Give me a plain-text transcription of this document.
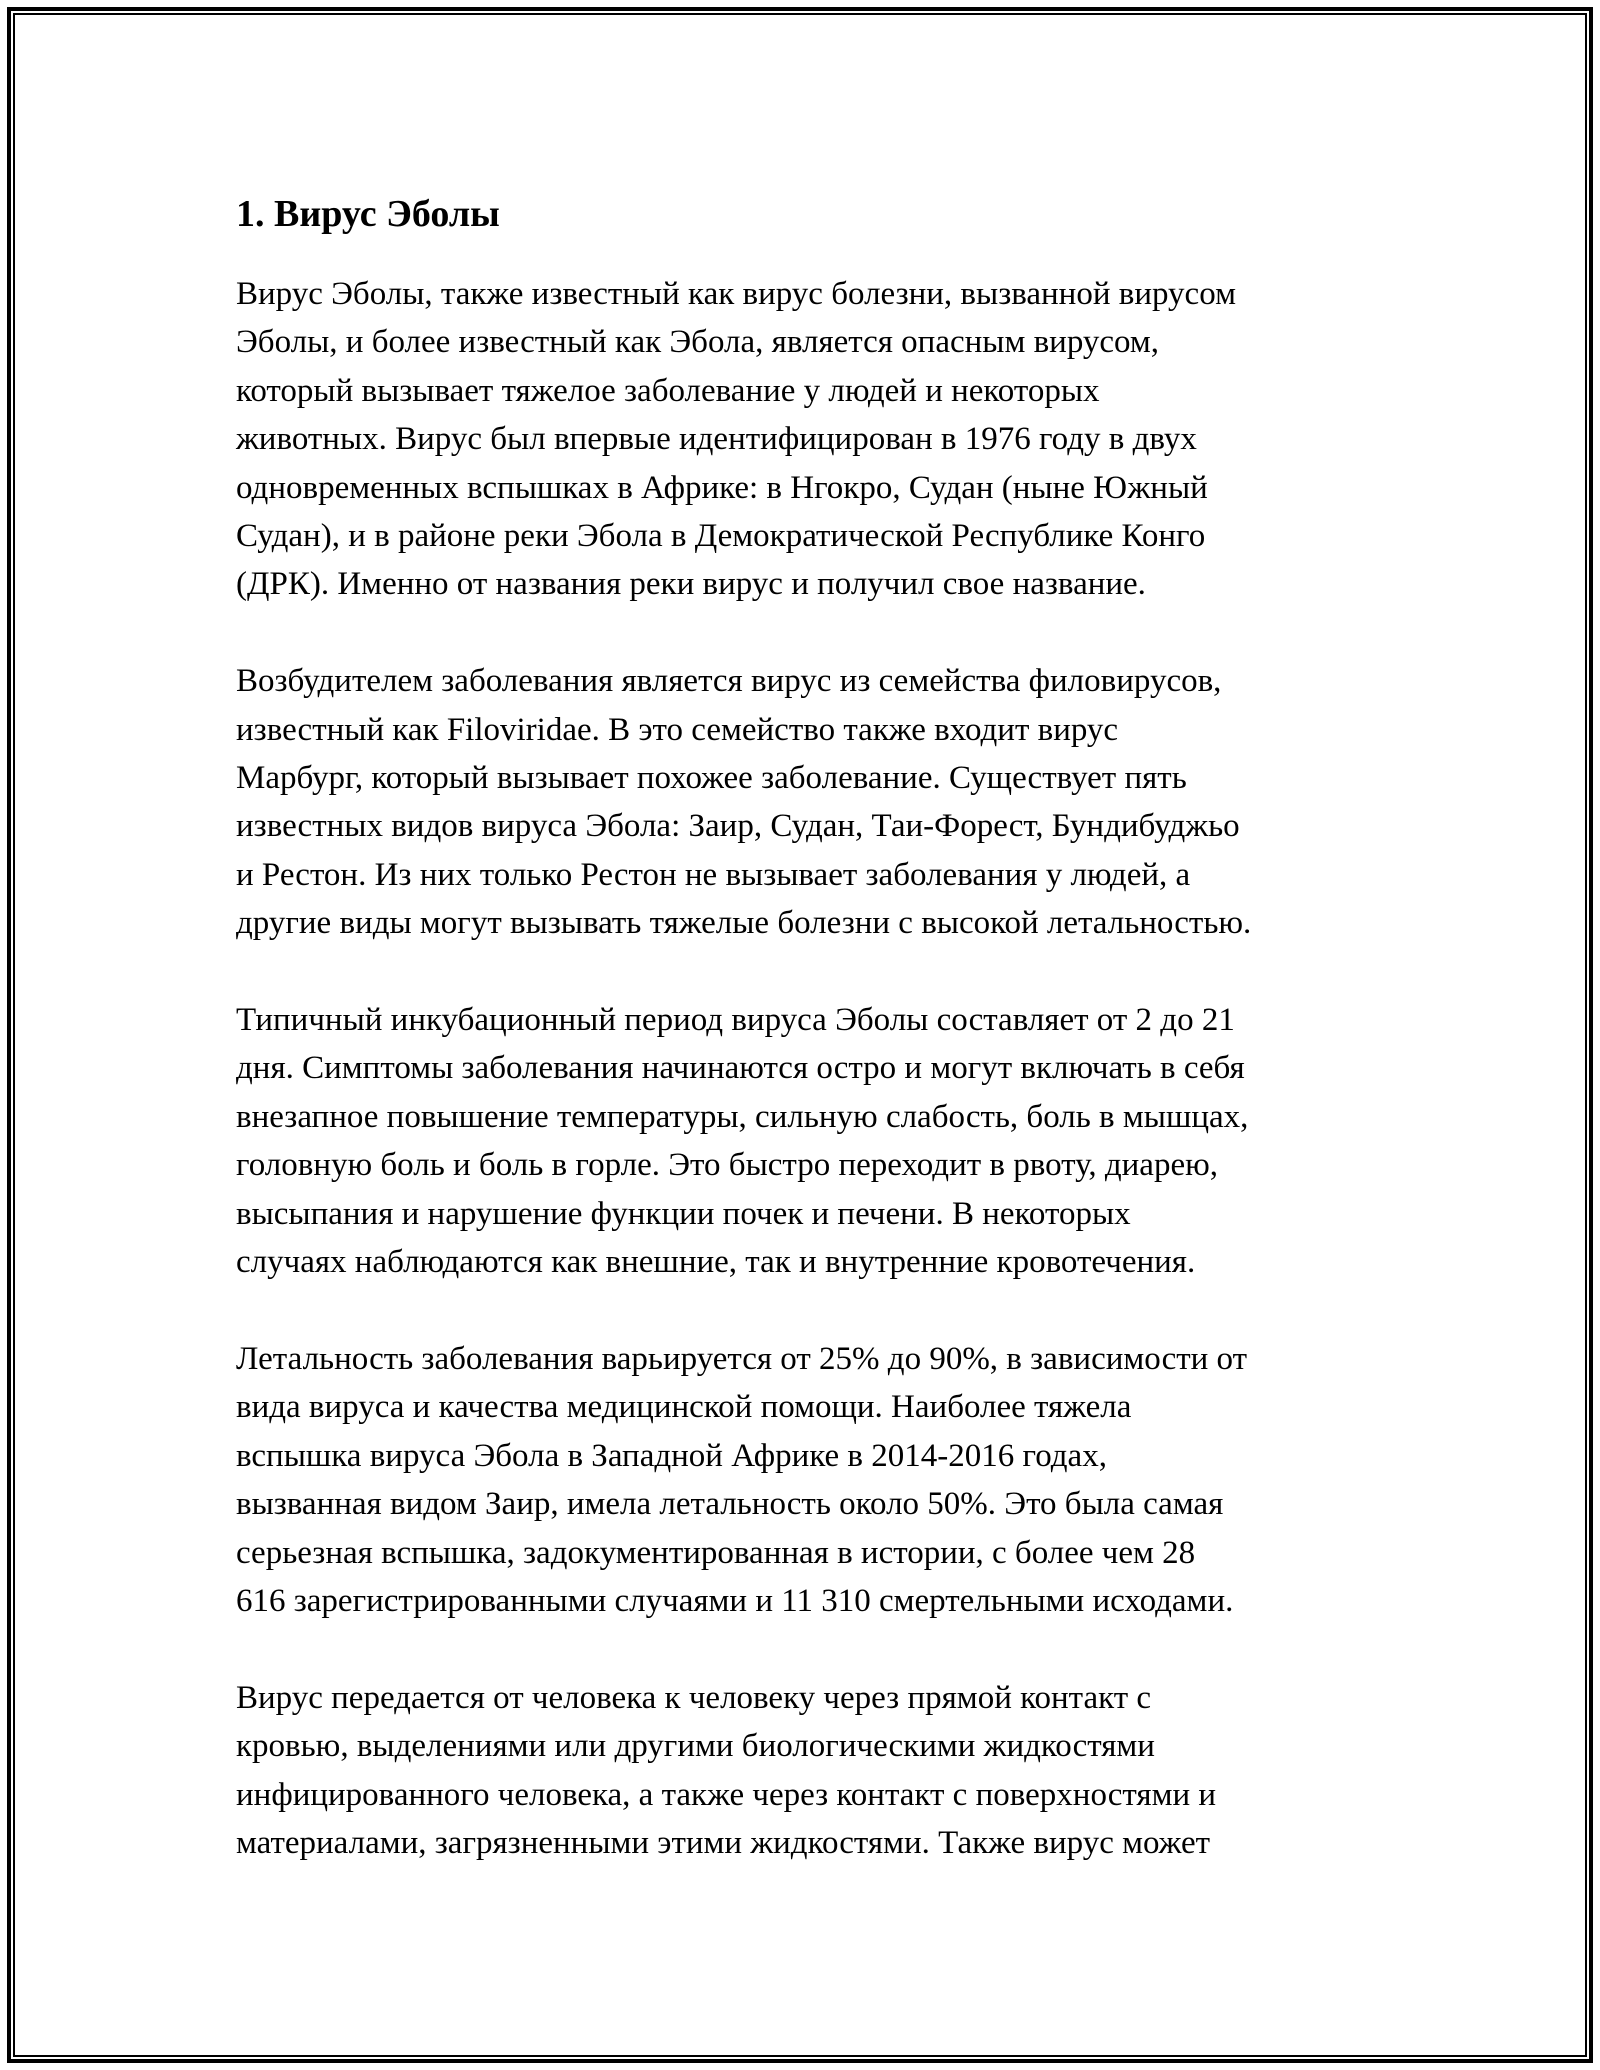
1. Вирус Эболы
Вирус Эболы, также известный как вирус болезни, вызванной вирусом
Эболы, и более известный как Эбола, является опасным вирусом,
который вызывает тяжелое заболевание у людей и некоторых
животных. Вирус был впервые идентифицирован в 1976 году в двух
одновременных вспышках в Африке: в Нгокро, Судан (ныне Южный
Судан), и в районе реки Эбола в Демократической Республике Конго
(ДРК). Именно от названия реки вирус и получил свое название.
Возбудителем заболевания является вирус из семейства филовирусов,
известный как Filoviridae. В это семейство также входит вирус
Марбург, который вызывает похожее заболевание. Существует пять
известных видов вируса Эбола: Заир, Судан, Таи-Форест, Бундибуджьо
и Рестон. Из них только Рестон не вызывает заболевания у людей, а
другие виды могут вызывать тяжелые болезни с высокой летальностью.
Типичный инкубационный период вируса Эболы составляет от 2 до 21
дня. Симптомы заболевания начинаются остро и могут включать в себя
внезапное повышение температуры, сильную слабость, боль в мышцах,
головную боль и боль в горле. Это быстро переходит в рвоту, диарею,
высыпания и нарушение функции почек и печени. В некоторых
случаях наблюдаются как внешние, так и внутренние кровотечения.
Летальность заболевания варьируется от 25% до 90%, в зависимости от
вида вируса и качества медицинской помощи. Наиболее тяжела
вспышка вируса Эбола в Западной Африке в 2014-2016 годах,
вызванная видом Заир, имела летальность около 50%. Это была самая
серьезная вспышка, задокументированная в истории, с более чем 28
616 зарегистрированными случаями и 11 310 смертельными исходами.
Вирус передается от человека к человеку через прямой контакт с
кровью, выделениями или другими биологическими жидкостями
инфицированного человека, а также через контакт с поверхностями и
материалами, загрязненными этими жидкостями. Также вирус может
